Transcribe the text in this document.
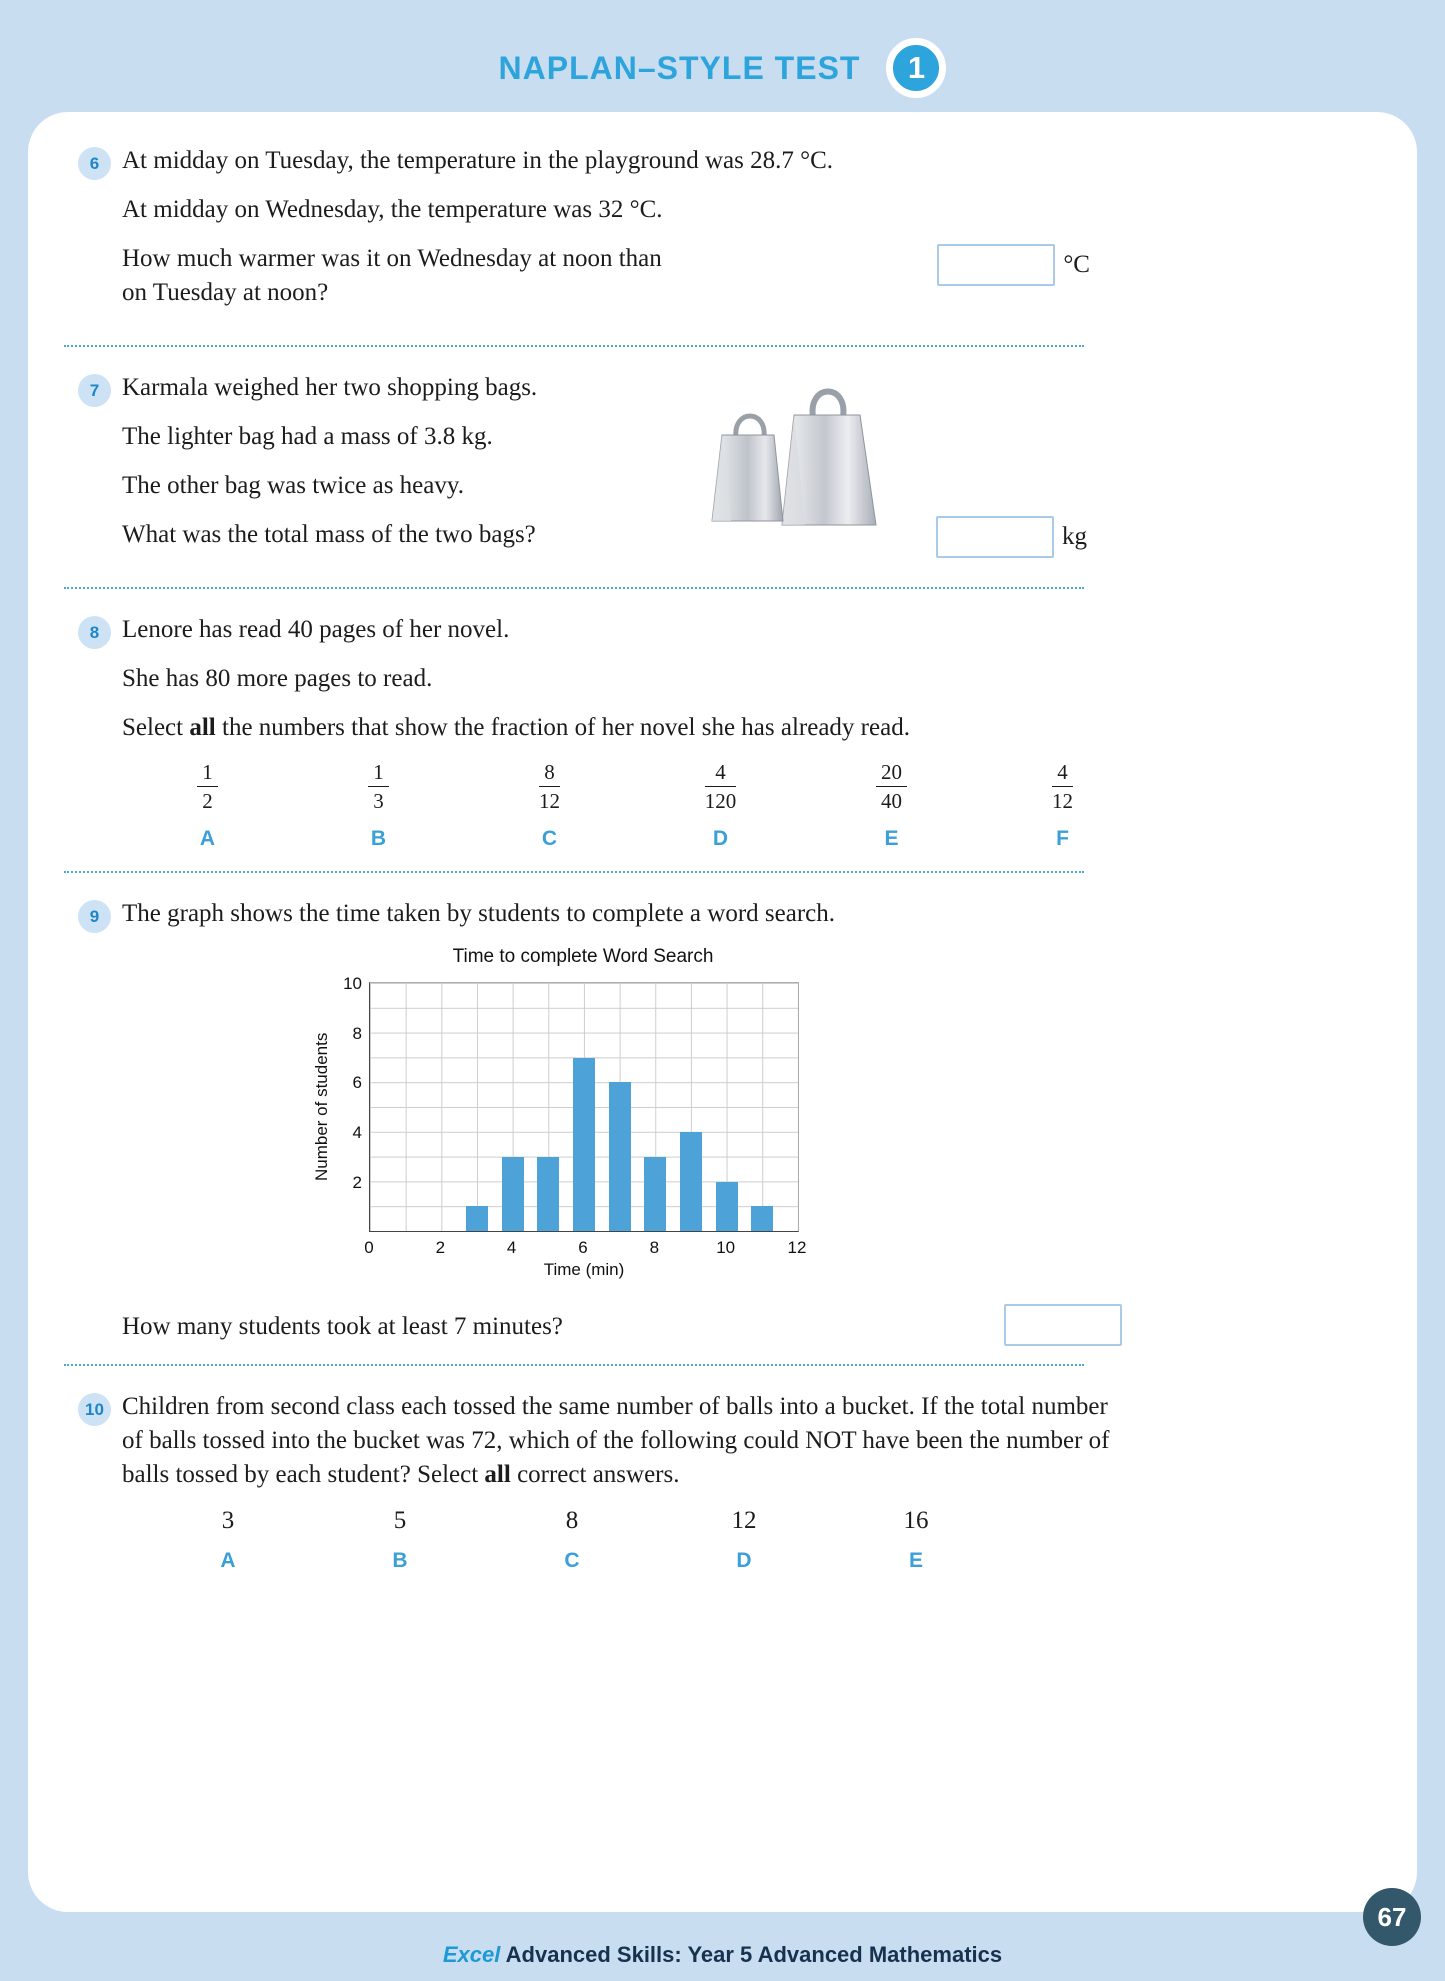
NAPLAN–STYLE TEST	1
6 At midday on Tuesday, the temperature in the playground was 28.7 °C.

At midday on Wednesday, the temperature was 32 °C.

How much warmer was it on Wednesday at noon than on Tuesday at noon?

°C
7 Karmala weighed her two shopping bags.

The lighter bag had a mass of 3.8 kg.

The other bag was twice as heavy.

What was the total mass of the two bags?	kg
8 Lenore has read 40 pages of her novel.

She has 80 more pages to read.

Select all the numbers that show the fraction of her novel she has already read.

$\frac{1}{2}$
A
$\frac{1}{3}$
B
$\frac{8}{12}$
C
$\frac{4}{120}$
D
$\frac{20}{40}$
E
$\frac{4}{12}$
F
9 The graph shows the time taken by students to complete a word search.

Time to complete Word Search
Number of students
2
4
6
8
10
0	2	4	6	8	10	12
Time (min)

How many students took at least 7 minutes?

10 Children from second class each tossed the same number of balls into a bucket. If the total number of balls tossed into the bucket was 72, which of the following could NOT have been the number of balls tossed by each student? Select all correct answers.

3
A
5
B
8
C
12
D
16
E
Excel Advanced Skills: Year 5 Advanced Mathematics
67
